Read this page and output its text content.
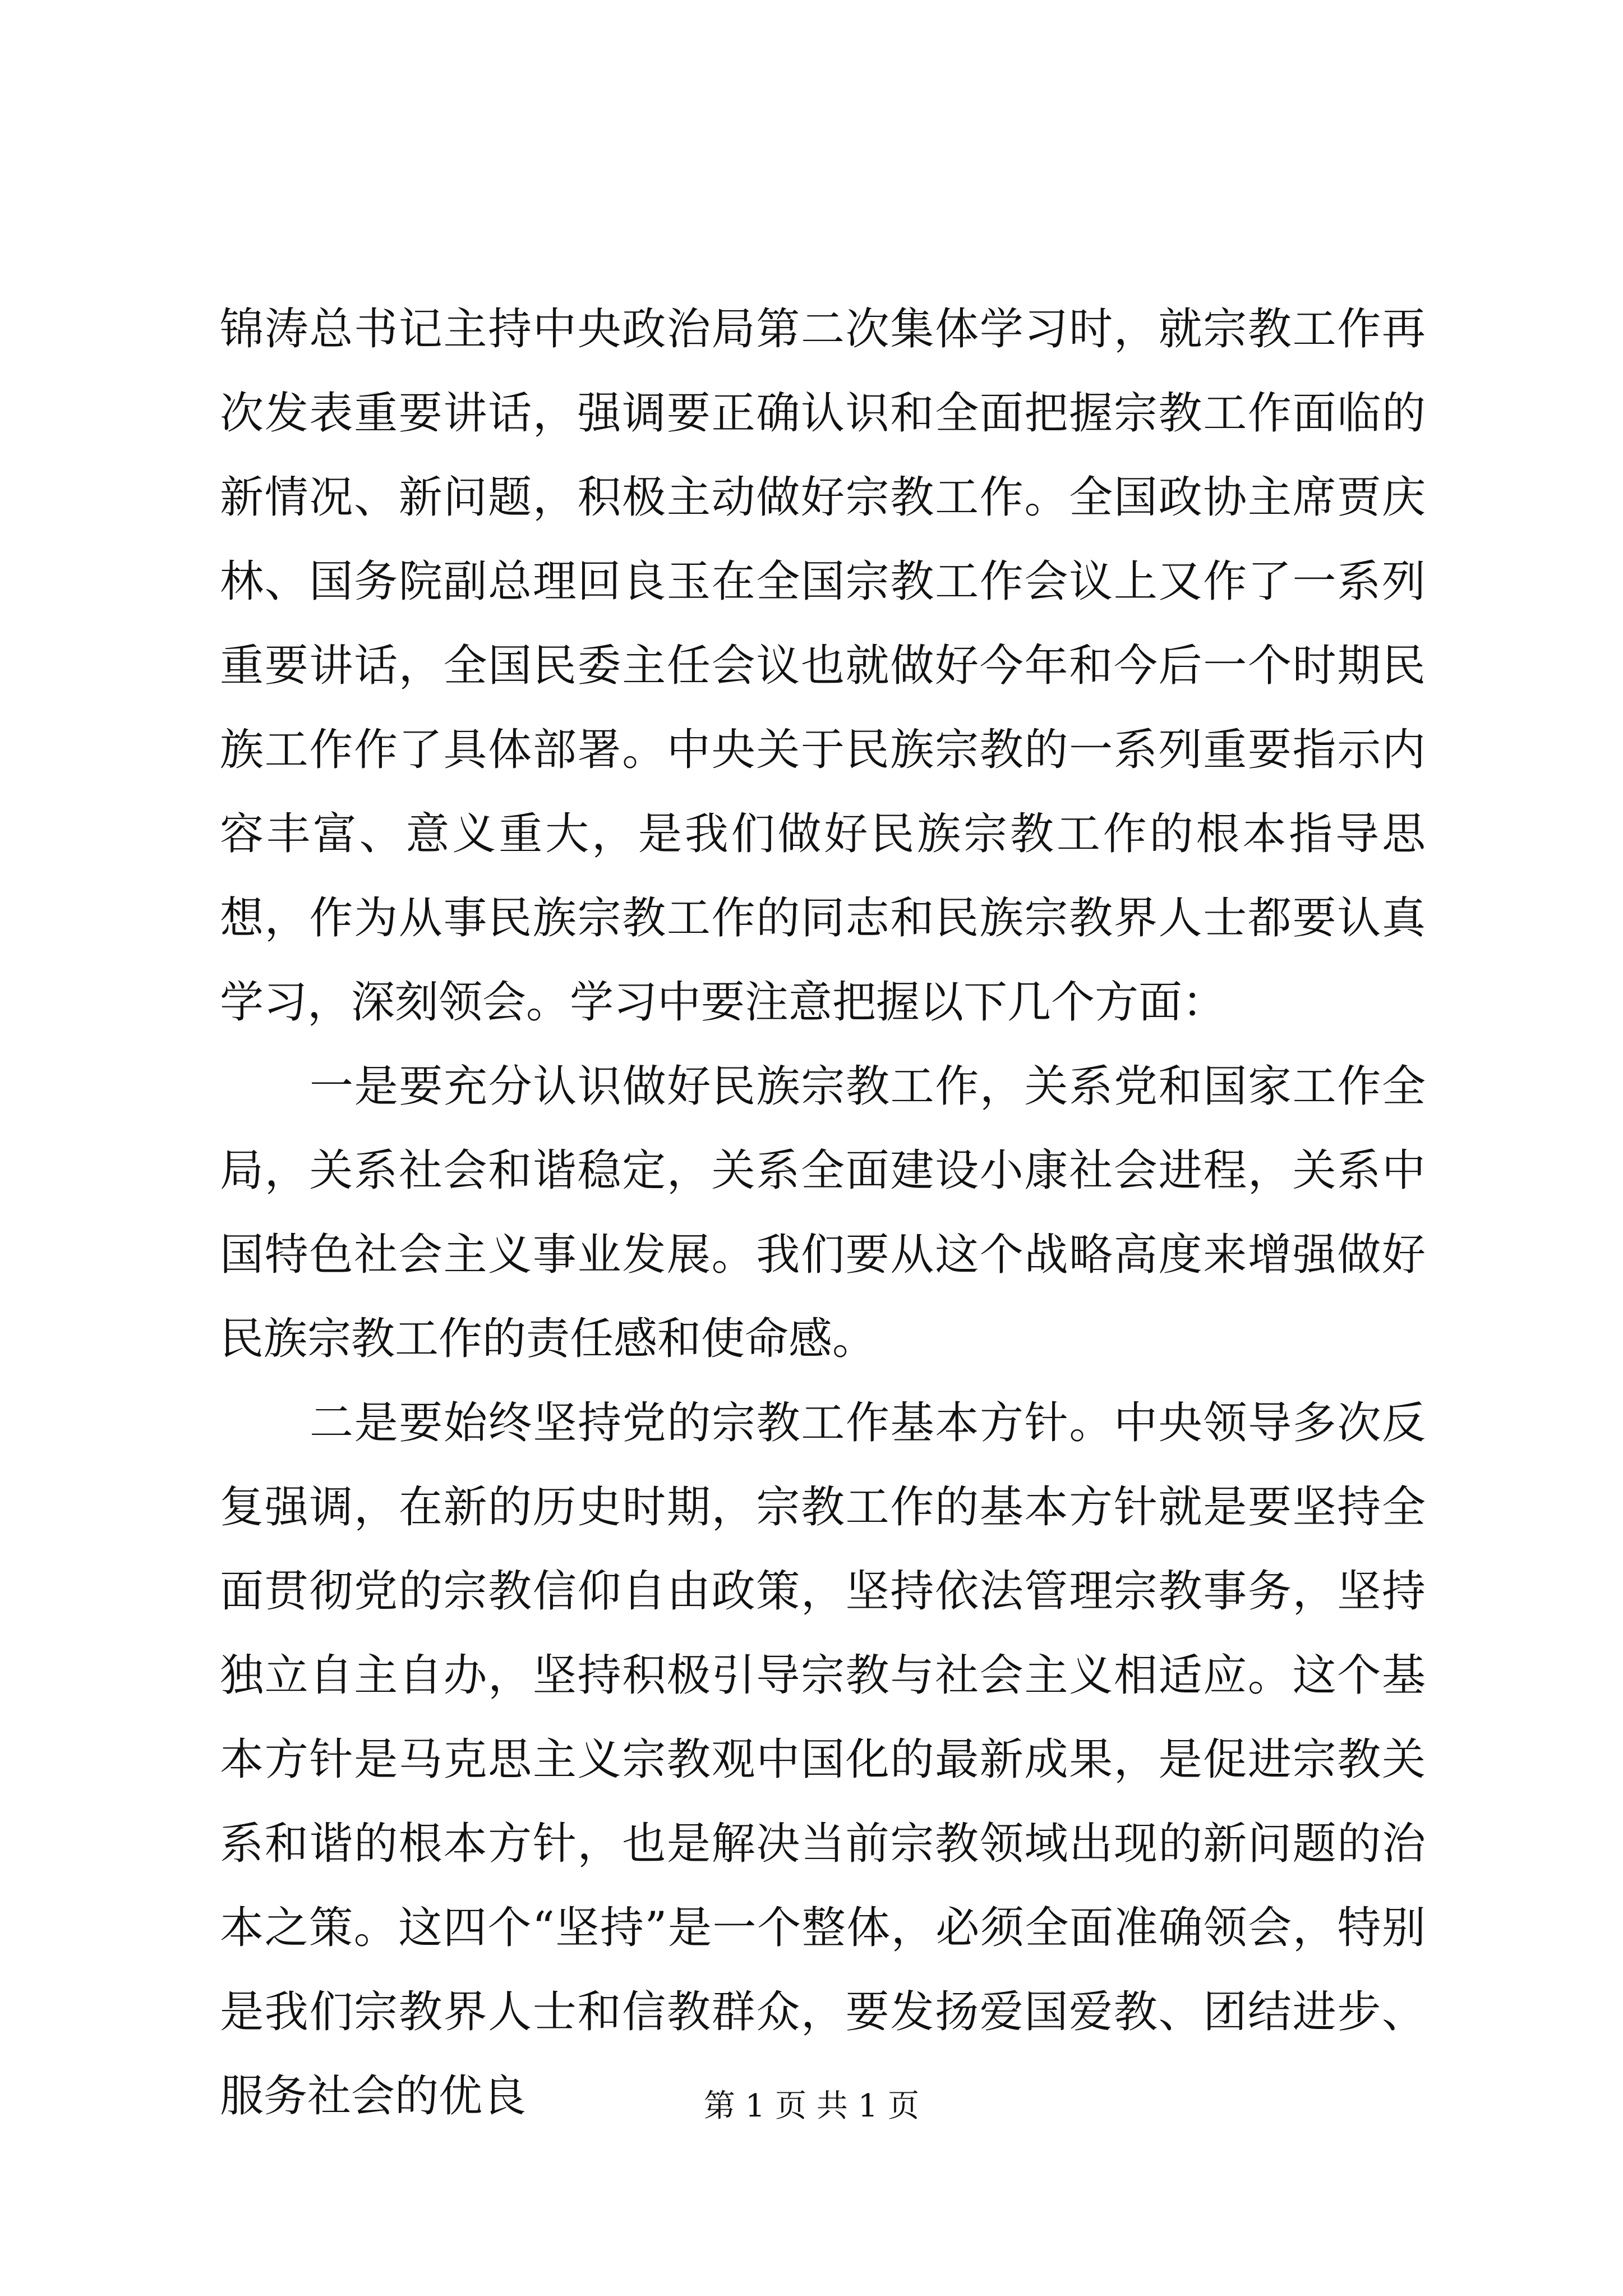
锦涛总书记主持中央政治局第二次集体学习时，就宗教工作再次发表重要讲话，强调要正确认识和全面把握宗教工作面临的新情况、新问题，积极主动做好宗教工作。全国政协主席贾庆林、国务院副总理回良玉在全国宗教工作会议上又作了一系列重要讲话，全国民委主任会议也就做好今年和今后一个时期民族工作作了具体部署。中央关于民族宗教的一系列重要指示内容丰富、意义重大，是我们做好民族宗教工作的根本指导思想，作为从事民族宗教工作的同志和民族宗教界人士都要认真学习，深刻领会。学习中要注意把握以下几个方面：

一是要充分认识做好民族宗教工作，关系党和国家工作全局，关系社会和谐稳定，关系全面建设小康社会进程，关系中国特色社会主义事业发展。我们要从这个战略高度来增强做好民族宗教工作的责任感和使命感。

二是要始终坚持党的宗教工作基本方针。中央领导多次反复强调，在新的历史时期，宗教工作的基本方针就是要坚持全面贯彻党的宗教信仰自由政策，坚持依法管理宗教事务，坚持独立自主自办，坚持积极引导宗教与社会主义相适应。这个基本方针是马克思主义宗教观中国化的最新成果，是促进宗教关系和谐的根本方针，也是解决当前宗教领域出现的新问题的治本之策。这四个“坚持”是一个整体，必须全面准确领会，特别是我们宗教界人士和信教群众，要发扬爱国爱教、团结进步、服务社会的优良	第 1 页 共 1 页
